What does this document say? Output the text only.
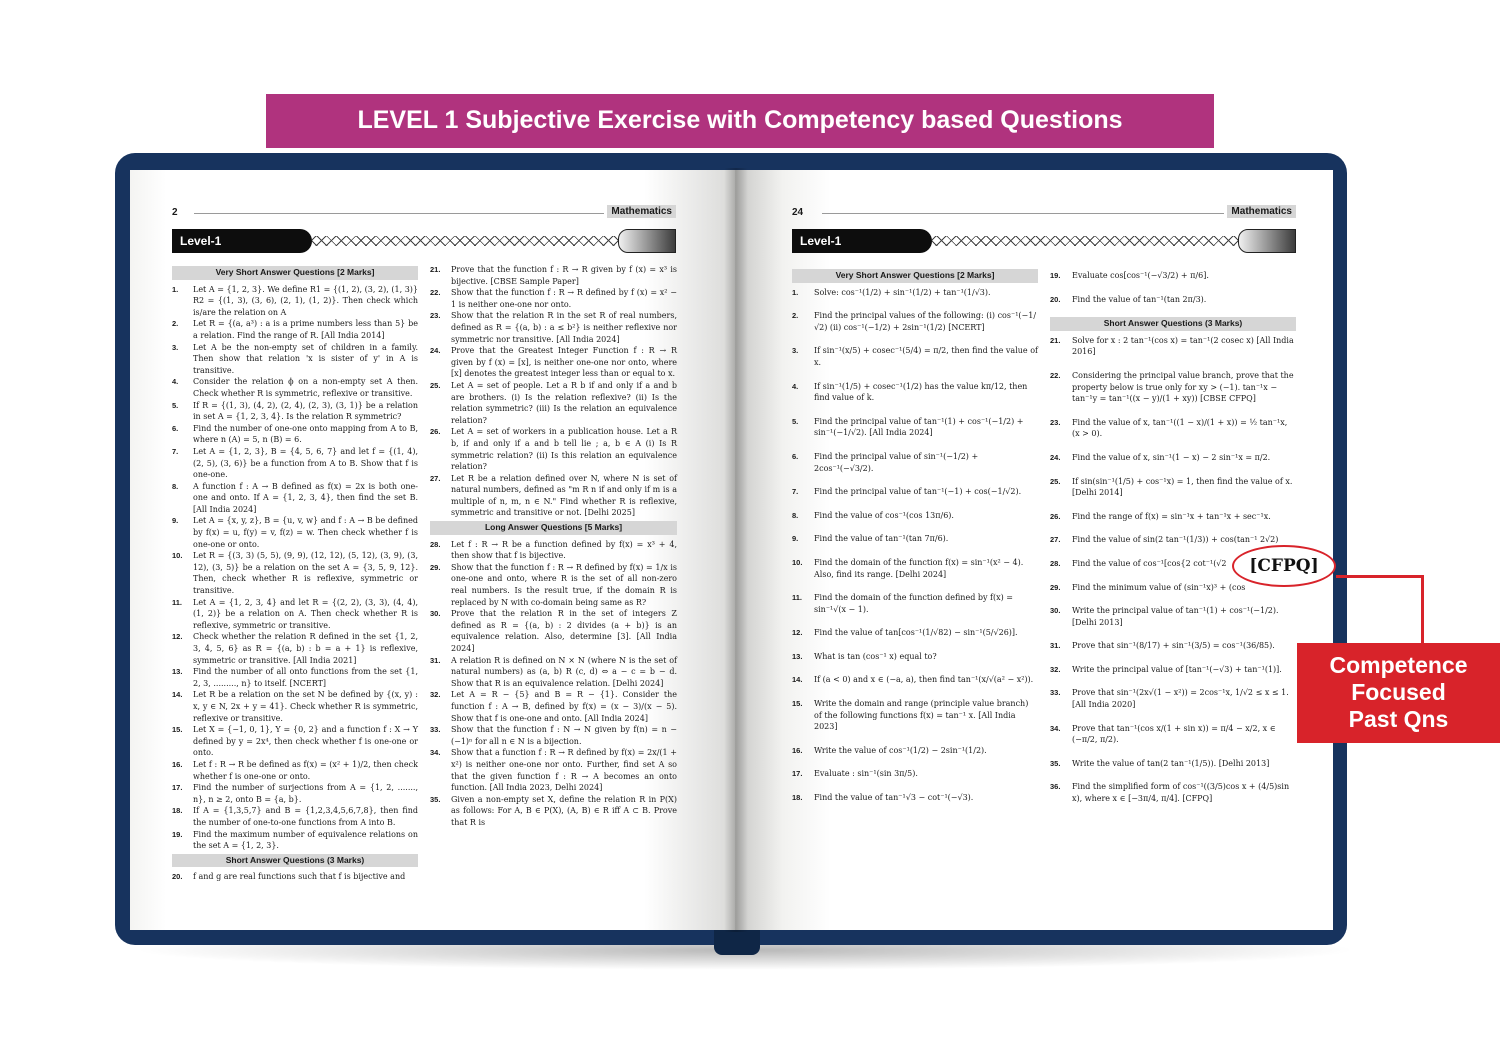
LEVEL 1 Subjective Exercise with Competency based Questions
2	Mathematics
Level-1
Very Short Answer Questions [2 Marks]
1.	Let A = {1, 2, 3}. We define R1 = {(1, 2), (3, 2), (1, 3)} R2 = {(1, 3), (3, 6), (2, 1), (1, 2)}. Then check which is/are the relation on A
2.	Let R = {(a, a³) : a is a prime numbers less than 5} be a relation. Find the range of R. [All India 2014]
3.	Let A be the non-empty set of children in a family. Then show that relation 'x is sister of y' in A is transitive.
4.	Consider the relation ϕ on a non-empty set A then. Check whether R is symmetric, reflexive or transitive.
5.	If R = {(1, 3), (4, 2), (2, 4), (2, 3), (3, 1)} be a relation in set A = {1, 2, 3, 4}. Is the relation R symmetric?
6.	Find the number of one-one onto mapping from A to B, where n (A) = 5, n (B) = 6.
7.	Let A = {1, 2, 3}, B = {4, 5, 6, 7} and let f = {(1, 4), (2, 5), (3, 6)} be a function from A to B. Show that f is one-one.
8.	A function f : A → B defined as f(x) = 2x is both one-one and onto. If A = {1, 2, 3, 4}, then find the set B. [All India 2024]
9.	Let A = {x, y, z}, B = {u, v, w} and f : A → B be defined by f(x) = u, f(y) = v, f(z) = w. Then check whether f is one-one or onto.
10.	Let R = {(3, 3) (5, 5), (9, 9), (12, 12), (5, 12), (3, 9), (3, 12), (3, 5)} be a relation on the set A = {3, 5, 9, 12}. Then, check whether R is reflexive, symmetric or transitive.
11.	Let A = {1, 2, 3, 4} and let R = {(2, 2), (3, 3), (4, 4), (1, 2)} be a relation on A. Then check whether R is reflexive, symmetric or transitive.
12.	Check whether the relation R defined in the set {1, 2, 3, 4, 5, 6} as R = {(a, b) : b = a + 1} is reflexive, symmetric or transitive. [All India 2021]
13.	Find the number of all onto functions from the set {1, 2, 3, ........., n} to itself. [NCERT]
14.	Let R be a relation on the set N be defined by {(x, y) : x, y ∈ N, 2x + y = 41}. Check whether R is symmetric, reflexive or transitive.
15.	Let X = {−1, 0, 1}, Y = {0, 2} and a function f : X → Y defined by y = 2x⁴, then check whether f is one-one or onto.
16.	Let f : R → R be defined as f(x) = (x² + 1)/2, then check whether f is one-one or onto.
17.	Find the number of surjections from A = {1, 2, ......., n}, n ≥ 2, onto B = {a, b}.
18.	If A = {1,3,5,7} and B = {1,2,3,4,5,6,7,8}, then find the number of one-to-one functions from A into B.
19.	Find the maximum number of equivalence relations on the set A = {1, 2, 3}.
Short Answer Questions (3 Marks)
20.	f and g are real functions such that f is bijective and
21.	Prove that the function f : R → R given by f (x) = x³ is bijective. [CBSE Sample Paper]
22.	Show that the function f : R → R defined by f (x) = x² − 1 is neither one-one nor onto.
23.	Show that the relation R in the set R of real numbers, defined as R = {(a, b) : a ≤ b²} is neither reflexive nor symmetric nor transitive. [All India 2024]
24.	Prove that the Greatest Integer Function f : R → R given by f (x) = [x], is neither one-one nor onto, where [x] denotes the greatest integer less than or equal to x.
25.	Let A = set of people. Let a R b if and only if a and b are brothers. (i) Is the relation reflexive? (ii) Is the relation symmetric? (iii) Is the relation an equivalence relation?
26.	Let A = set of workers in a publication house. Let a R b, if and only if a and b tell lie ; a, b ∈ A (i) Is R symmetric relation? (ii) Is this relation an equivalence relation?
27.	Let R be a relation defined over N, where N is set of natural numbers, defined as "m R n if and only if m is a multiple of n, m, n ∈ N." Find whether R is reflexive, symmetric and transitive or not. [Delhi 2025]
Long Answer Questions [5 Marks]
28.	Let f : R → R be a function defined by f(x) = x³ + 4, then show that f is bijective.
29.	Show that the function f : R → R defined by f(x) = 1/x is one-one and onto, where R is the set of all non-zero real numbers. Is the result true, if the domain R is replaced by N with co-domain being same as R?
30.	Prove that the relation R in the set of integers Z defined as R = {(a, b) : 2 divides (a + b)} is an equivalence relation. Also, determine [3]. [All India 2024]
31.	A relation R is defined on N × N (where N is the set of natural numbers) as (a, b) R (c, d) ⇔ a − c = b − d. Show that R is an equivalence relation. [Delhi 2024]
32.	Let A = R − {5} and B = R − {1}. Consider the function f : A → B, defined by f(x) = (x − 3)/(x − 5). Show that f is one-one and onto. [All India 2024]
33.	Show that the function f : N → N given by f(n) = n − (−1)ⁿ for all n ∈ N is a bijection.
34.	Show that a function f : R → R defined by f(x) = 2x/(1 + x²) is neither one-one nor onto. Further, find set A so that the given function f : R → A becomes an onto function. [All India 2023, Delhi 2024]
35.	Given a non-empty set X, define the relation R in P(X) as follows: For A, B ∈ P(X), (A, B) ∈ R iff A ⊂ B. Prove that R is
24	Mathematics
Level-1
Very Short Answer Questions [2 Marks]
1.	Solve: cos⁻¹(1/2) + sin⁻¹(1/2) + tan⁻¹(1/√3).
2.	Find the principal values of the following: (i) cos⁻¹(−1/√2) (ii) cos⁻¹(−1/2) + 2sin⁻¹(1/2) [NCERT]
3.	If sin⁻¹(x/5) + cosec⁻¹(5/4) = π/2, then find the value of x.
4.	If sin⁻¹(1/5) + cosec⁻¹(1/2) has the value kπ/12, then find value of k.
5.	Find the principal value of tan⁻¹(1) + cos⁻¹(−1/2) + sin⁻¹(−1/√2). [All India 2024]
6.	Find the principal value of sin⁻¹(−1/2) + 2cos⁻¹(−√3/2).
7.	Find the principal value of tan⁻¹(−1) + cos(−1/√2).
8.	Find the value of cos⁻¹(cos 13π/6).
9.	Find the value of tan⁻¹(tan 7π/6).
10.	Find the domain of the function f(x) = sin⁻¹(x² − 4). Also, find its range. [Delhi 2024]
11.	Find the domain of the function defined by f(x) = sin⁻¹√(x − 1).
12.	Find the value of tan[cos⁻¹(1/√82) − sin⁻¹(5/√26)].
13.	What is tan (cos⁻¹ x) equal to?
14.	If (a < 0) and x ∈ (−a, a), then find tan⁻¹(x/√(a² − x²)).
15.	Write the domain and range (principle value branch) of the following functions f(x) = tan⁻¹ x. [All India 2023]
16.	Write the value of cos⁻¹(1/2) − 2sin⁻¹(1/2).
17.	Evaluate : sin⁻¹(sin 3π/5).
18.	Find the value of tan⁻¹√3 − cot⁻¹(−√3).
19.	Evaluate cos[cos⁻¹(−√3/2) + π/6].
20.	Find the value of tan⁻¹(tan 2π/3).
Short Answer Questions (3 Marks)
21.	Solve for x : 2 tan⁻¹(cos x) = tan⁻¹(2 cosec x) [All India 2016]
22.	Considering the principal value branch, prove that the property below is true only for xy > (−1). tan⁻¹x − tan⁻¹y = tan⁻¹((x − y)/(1 + xy)) [CBSE CFPQ]
23.	Find the value of x, tan⁻¹((1 − x)/(1 + x)) = ½ tan⁻¹x, (x > 0).
24.	Find the value of x, sin⁻¹(1 − x) − 2 sin⁻¹x = π/2.
25.	If sin(sin⁻¹(1/5) + cos⁻¹x) = 1, then find the value of x. [Delhi 2014]
26.	Find the range of f(x) = sin⁻¹x + tan⁻¹x + sec⁻¹x.
27.	Find the value of sin(2 tan⁻¹(1/3)) + cos(tan⁻¹ 2√2)
28.	Find the value of cos⁻¹[cos{2 cot⁻¹(√2
29.	Find the minimum value of (sin⁻¹x)³ + (cos
30.	Write the principal value of tan⁻¹(1) + cos⁻¹(−1/2). [Delhi 2013]
31.	Prove that sin⁻¹(8/17) + sin⁻¹(3/5) = cos⁻¹(36/85).
32.	Write the principal value of [tan⁻¹(−√3) + tan⁻¹(1)].
33.	Prove that sin⁻¹(2x√(1 − x²)) = 2cos⁻¹x, 1/√2 ≤ x ≤ 1. [All India 2020]
34.	Prove that tan⁻¹(cos x/(1 + sin x)) = π/4 − x/2, x ∈ (−π/2, π/2).
35.	Write the value of tan(2 tan⁻¹(1/5)). [Delhi 2013]
36.	Find the simplified form of cos⁻¹((3/5)cos x + (4/5)sin x), where x ∈ [−3π/4, π/4]. [CFPQ]
[CFPQ]
Competence
Focused
Past Qns
